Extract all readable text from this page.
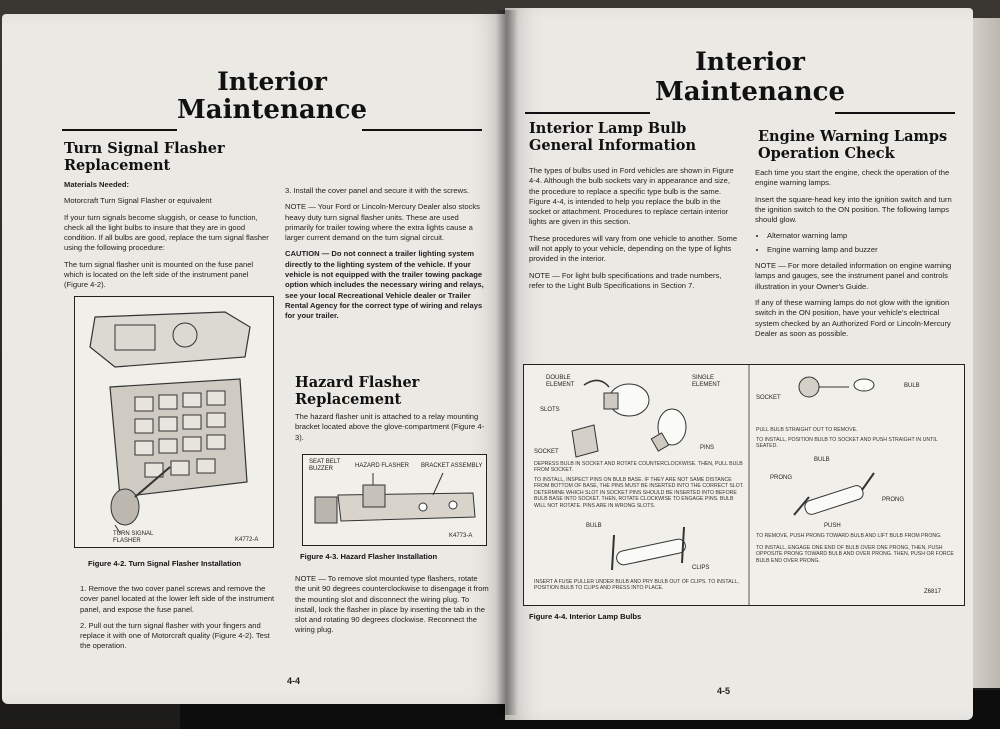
Interior
Maintenance
Turn Signal Flasher Replacement

Materials Needed:

Motorcraft Turn Signal Flasher or equivalent

If your turn signals become sluggish, or cease to function, check all the light bulbs to insure that they are in good condition. If all bulbs are good, replace the turn signal flasher using the following procedure:

The turn signal flasher unit is mounted on the fuse panel which is located on the left side of the instrument panel (Figure 4-2).

TURN SIGNAL FLASHER	K4772-A
Figure 4-2. Turn Signal Flasher Installation

1. Remove the two cover panel screws and remove the cover panel located at the lower left side of the instrument panel, and expose the fuse panel.

2. Pull out the turn signal flasher with your fingers and replace it with one of Motorcraft quality (Figure 4-2). Test the operation.

3. Install the cover panel and secure it with the screws.

NOTE — Your Ford or Lincoln-Mercury Dealer also stocks heavy duty turn signal flasher units. These are used primarily for trailer towing where the extra lights cause a larger current demand on the turn signal circuit.

CAUTION — Do not connect a trailer lighting system directly to the lighting system of the vehicle. If your vehicle is not equipped with the trailer towing package option which includes the necessary wiring and relays, see your local Recreational Vehicle dealer or Trailer Rental Agency for the correct type of wiring and relays for your trailer.

Hazard Flasher Replacement
The hazard flasher unit is attached to a relay mounting bracket located above the glove-compartment (Figure 4-3).
SEAT BELT BUZZER	HAZARD FLASHER BRACKET ASSEMBLY
K4773-A
Figure 4-3. Hazard Flasher Installation
NOTE — To remove slot mounted type flashers, rotate the unit 90 degrees counterclockwise to disengage it from the mounting slot and disconnect the wiring plug. To install, lock the flasher in place by inserting the tab in the slot and rotating 90 degrees clockwise. Reconnect the wiring plug.
4-4
Interior
Maintenance
Interior Lamp Bulb General Information

The types of bulbs used in Ford vehicles are shown in Figure 4-4. Although the bulb sockets vary in appearance and size, the procedure to replace a specific type bulb is the same. Figure 4-4, is intended to help you replace the bulb in the socket or attachment. Procedures to replace certain interior lights are given in this section.

These procedures will vary from one vehicle to another. Some will not apply to your vehicle, depending on the type of lights provided in the interior.

NOTE — For light bulb specifications and trade numbers, refer to the Light Bulb Specifications in Section 7.

Engine Warning Lamps Operation Check

Each time you start the engine, check the operation of the engine warning lamps.

Insert the square-head key into the ignition switch and turn the ignition switch to the ON position. The following lamps should glow.

• Alternator warning lamp
• Engine warning lamp and buzzer

NOTE — For more detailed information on engine warning lamps and gauges, see the instrument panel and controls illustration in your Owner's Guide.

If any of these warning lamps do not glow with the ignition switch in the ON position, have your vehicle's electrical system checked by an Authorized Ford or Lincoln-Mercury Dealer as soon as possible.

DOUBLE ELEMENT
SINGLE ELEMENT
SLOTS
SOCKET
PINS
DEPRESS BULB IN SOCKET AND ROTATE COUNTERCLOCKWISE. THEN, PULL BULB FROM SOCKET.
TO INSTALL, INSPECT PINS ON BULB BASE. IF THEY ARE NOT SAME DISTANCE FROM BOTTOM OF BASE, THE PINS MUST BE INSERTED INTO THE CORRECT SLOT. DETERMINE WHICH SLOT IN SOCKET PINS SHOULD BE INSERTED INTO BEFORE BULB BASE INTO SOCKET. THEN, ROTATE CLOCKWISE TO ENGAGE PINS. BULB WILL NOT ROTATE. PINS ARE IN WRONG SLOTS.
BULB
CLIPS
INSERT A FUSE PULLER UNDER BULB AND PRY BULB OUT OF CLIPS. TO INSTALL, POSITION BULB TO CLIPS AND PRESS INTO PLACE.
SOCKET
BULB
PULL BULB STRAIGHT OUT TO REMOVE.
TO INSTALL, POSITION BULB TO SOCKET AND PUSH STRAIGHT IN UNTIL SEATED.
BULB
PRONG
PRONG
PUSH
TO REMOVE, PUSH PRONG TOWARD BULB AND LIFT BULB FROM PRONG.
TO INSTALL, ENGAGE ONE END OF BULB OVER ONE PRONG, THEN, PUSH OPPOSITE PRONG TOWARD BULB AND OVER PRONG. THEN, PUSH OR FORCE BULB END OVER PRONG.
Z6817
Figure 4-4. Interior Lamp Bulbs
4-5
